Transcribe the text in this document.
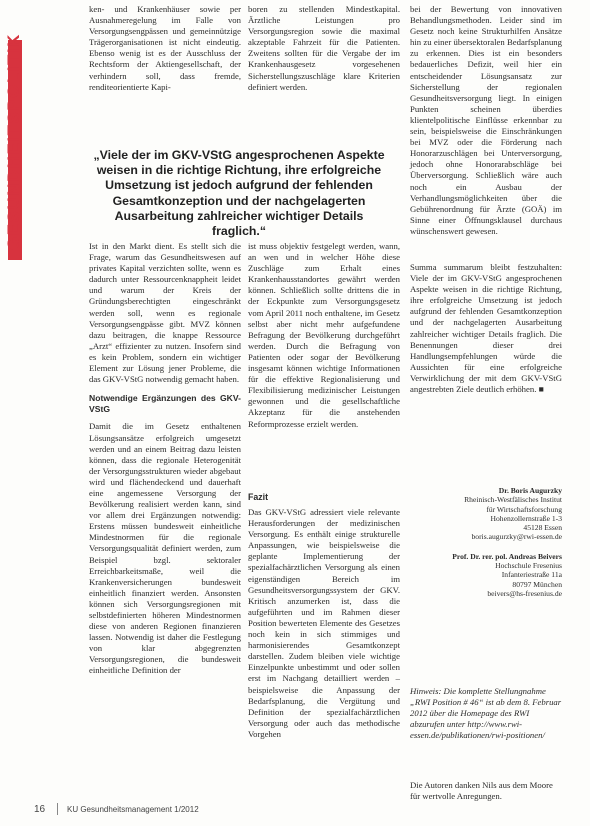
GESUNDHEITSPOLITIK

ken- und Krankenhäuser sowie per Ausnahmeregelung im Falle von Versorgungsengpässen und gemeinnützige Trägerorganisationen ist nicht eindeutig. Ebenso wenig ist es der Ausschluss der Rechtsform der Aktiengesellschaft, der verhindern soll, dass fremde, renditeorientierte Kapi-

boren zu stellenden Mindestkapital. Ärztliche Leistungen pro Versorgungsregion sowie die maximal akzeptable Fahrzeit für die Patienten. Zweitens sollten für die Vergabe der im Krankenhausgesetz vorgesehenen Sicherstellungszuschläge klare Kriterien definiert werden.

bei der Bewertung von innovativen Behandlungsmethoden. Leider sind im Gesetz noch keine Strukturhilfen Ansätze hin zu einer übersektoralen Bedarfsplanung zu erkennen. Dies ist ein besonders bedauerliches Defizit, weil hier ein entscheidender Lösungsansatz zur Sicherstellung der regionalen Gesundheitsversorgung liegt. In einigen Punkten scheinen überdies klientelpolitische Einflüsse erkennbar zu sein, beispielsweise die Einschränkungen bei MVZ oder die Förderung nach Honorarzuschlägen bei Unterversorgung, jedoch ohne Honorarabschläge bei Überversorgung. Schließlich wäre auch noch ein Ausbau der Verhandlungsmöglichkeiten über die Gebührenordnung für Ärzte (GOÄ) im Sinne einer Öffnungsklausel durchaus wünschenswert gewesen.

„Viele der im GKV-VStG angesprochenen Aspekte weisen in die richtige Richtung, ihre erfolgreiche Umsetzung ist jedoch aufgrund der fehlenden Gesamtkonzeption und der nachgelagerten Ausarbeitung zahlreicher wichtiger Details fraglich.“

Ist in den Markt dient. Es stellt sich die Frage, warum das Gesundheitswesen auf privates Kapital verzichten sollte, wenn es dadurch unter Ressourcenknappheit leidet und warum der Kreis der Gründungsberechtigten eingeschränkt werden soll, wenn es regionale Versorgungsengpässe gibt. MVZ können dazu beitragen, die knappe Ressource „Arzt“ effizienter zu nutzen. Insofern sind es kein Problem, sondern ein wichtiger Element zur Lösung jener Probleme, die das GKV-VStG notwendig gemacht haben.

Notwendige Ergänzungen des GKV-VStG

Damit die im Gesetz enthaltenen Lösungsansätze erfolgreich umgesetzt werden und an einem Beitrag dazu leisten können, dass die regionale Heterogenität der Versorgungsstrukturen wieder abgebaut wird und flächendeckend und dauerhaft eine angemessene Versorgung der Bevölkerung realisiert werden kann, sind vor allem drei Ergänzungen notwendig: Erstens müssen bundesweit einheitliche Mindestnormen für die regionale Versorgungsqualität definiert werden, zum Beispiel bzgl. sektoraler Erreichbarkeitsmaße, weil die Krankenversicherungen bundesweit einheitlich finanziert werden. Ansonsten können sich Versorgungsregionen mit selbstdefinierten höheren Mindestnormen diese von anderen Regionen finanzieren lassen. Notwendig ist daher die Festlegung von klar abgegrenzten Versorgungsregionen, die bundesweit einheitliche Definition der

ist muss objektiv festgelegt werden, wann, an wen und in welcher Höhe diese Zuschläge zum Erhalt eines Krankenhausstandortes gewährt werden können. Schließlich sollte drittens die in der Eckpunkte zum Versorgungsgesetz vom April 2011 noch enthaltene, im Gesetz selbst aber nicht mehr aufgefundene Befragung der Bevölkerung durchgeführt werden. Durch die Befragung von Patienten oder sogar der Bevölkerung insgesamt können wichtige Informationen für die effektive Regionalisierung und Flexibilisierung medizinischer Leistungen gewonnen und die gesellschaftliche Akzeptanz für die anstehenden Reformprozesse erzielt werden.

Fazit

Das GKV-VStG adressiert viele relevante Herausforderungen der medizinischen Versorgung. Es enthält einige strukturelle Anpassungen, wie beispielsweise die geplante Implementierung der spezialfachärztlichen Versorgung als einen eigenständigen Bereich im Gesundheitsversorgungssystem der GKV. Kritisch anzumerken ist, dass die aufgeführten und im Rahmen dieser Position bewerteten Elemente des Gesetzes noch kein in sich stimmiges und harmonisierendes Gesamtkonzept darstellen. Zudem bleiben viele wichtige Einzelpunkte unbestimmt und oder sollen erst im Nachgang detailliert werden – beispielsweise die Anpassung der Bedarfsplanung, die Vergütung und Definition der spezialfachärztlichen Versorgung oder auch das methodische Vorgehen

Summa summarum bleibt festzuhalten: Viele der im GKV-VStG angesprochenen Aspekte weisen in die richtige Richtung, ihre erfolgreiche Umsetzung ist jedoch aufgrund der fehlenden Gesamtkonzeption und der nachgelagerten Ausarbeitung zahlreicher wichtiger Details fraglich. Die Benennungen dieser drei Handlungsempfehlungen würde die Aussichten für eine erfolgreiche Verwirklichung der mit dem GKV-VStG angestrebten Ziele deutlich erhöhen. ■

Dr. Boris Augurzky

Rheinisch-Westfälisches Institut

für Wirtschaftsforschung

Hohenzollernstraße 1-3

45128 Essen

boris.augurzky@rwi-essen.de

Prof. Dr. rer. pol. Andreas Beivers

Hochschule Fresenius

Infanteriestraße 11a

80797 München

beivers@hs-fresenius.de

Hinweis: Die komplette Stellungnahme „RWI Position # 46“ ist ab dem 8. Februar 2012 über die Homepage des RWI abzurufen unter http://www.rwi-essen.de/publikationen/rwi-positionen/
Die Autoren danken Nils aus dem Moore für wertvolle Anregungen.
16	KU Gesundheitsmanagement 1/2012
